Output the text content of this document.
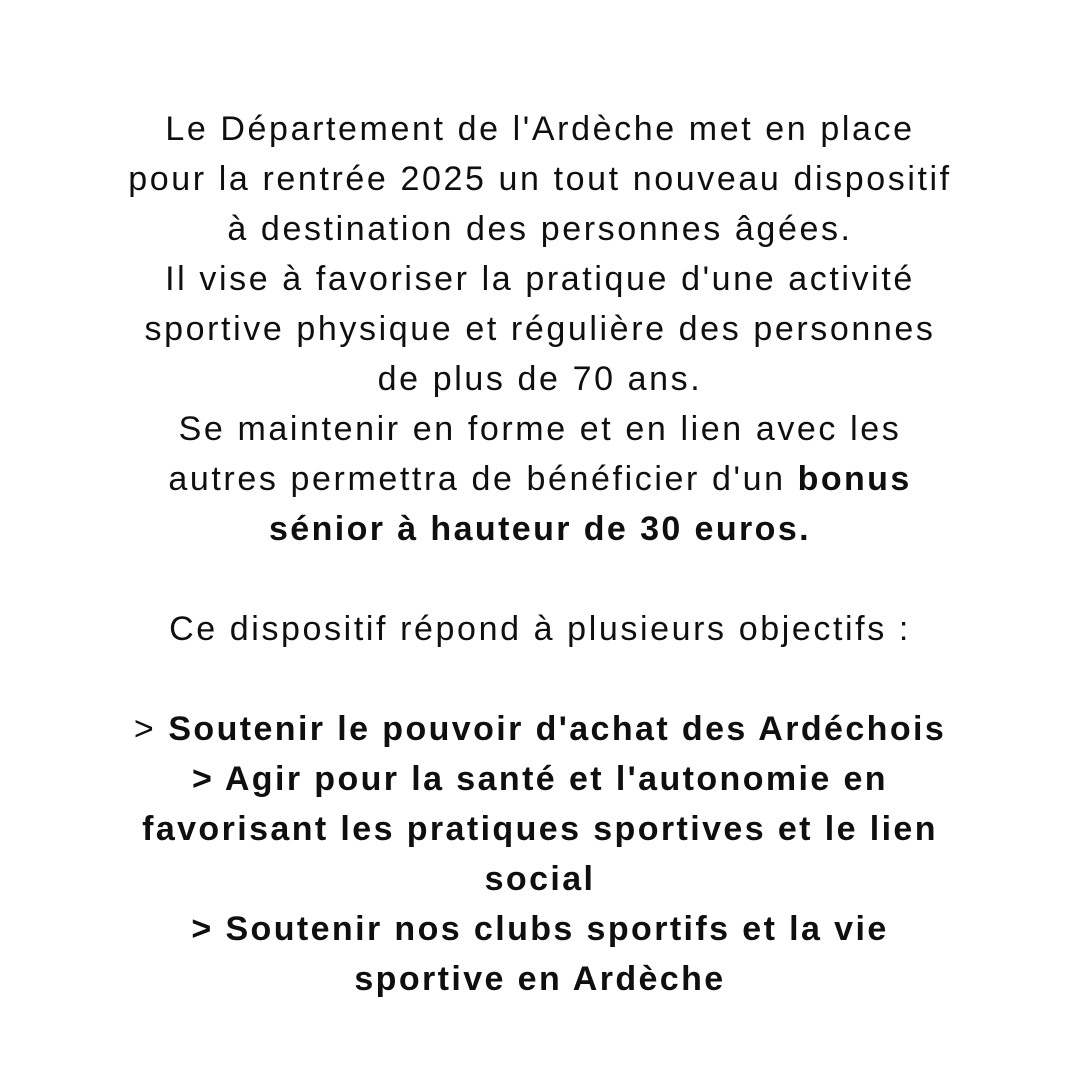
Le Département de l'Ardèche met en place
pour la rentrée 2025 un tout nouveau dispositif
à destination des personnes âgées.
Il vise à favoriser la pratique d'une activité
sportive physique et régulière des personnes
de plus de 70 ans.
Se maintenir en forme et en lien avec les
autres permettra de bénéficier d'un bonus
sénior à hauteur de 30 euros.
Ce dispositif répond à plusieurs objectifs :
> Soutenir le pouvoir d'achat des Ardéchois
> Agir pour la santé et l'autonomie en
favorisant les pratiques sportives et le lien
social
> Soutenir nos clubs sportifs et la vie
sportive en Ardèche
